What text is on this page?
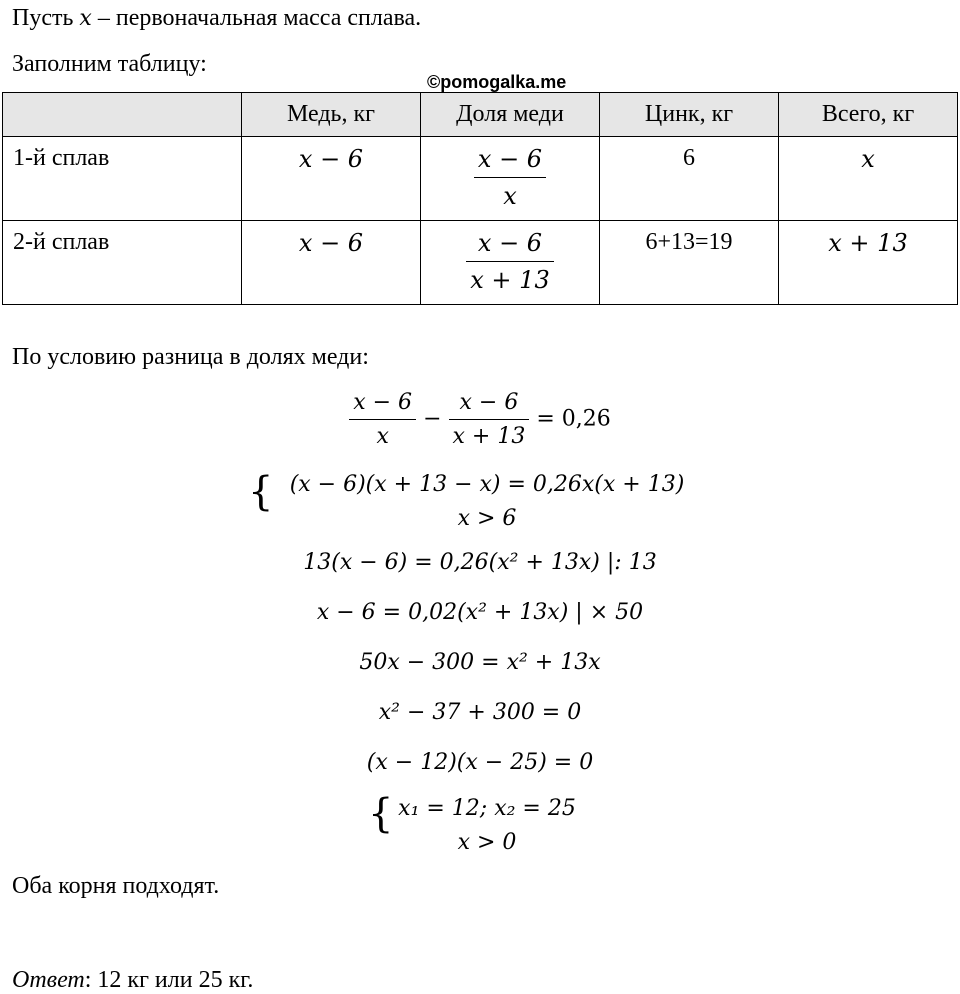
Пусть x – первоначальная масса сплава.
Заполним таблицу:
©pomogalka.me
	Медь, кг	Доля меди	Цинк, кг	Всего, кг
1-й сплав	x − 6	$\frac{x - 6}{x}$	6	x
2-й сплав	x − 6	$\frac{x - 6}{x + 13}$	6+13=19	x + 13
По условию разница в долях меди:
$\frac{x - 6}{x} - \frac{x - 6}{x + 13} = 0,26$
{ (x − 6)(x + 13 − x) = 0,26x(x + 13)
x > 6
13(x − 6) = 0,26(x² + 13x) |: 13
x − 6 = 0,02(x² + 13x) | × 50
50x − 300 = x² + 13x
x² − 37 + 300 = 0
(x − 12)(x − 25) = 0
{ x₁ = 12; x₂ = 25
x > 0
Оба корня подходят.
Ответ: 12 кг или 25 кг.
